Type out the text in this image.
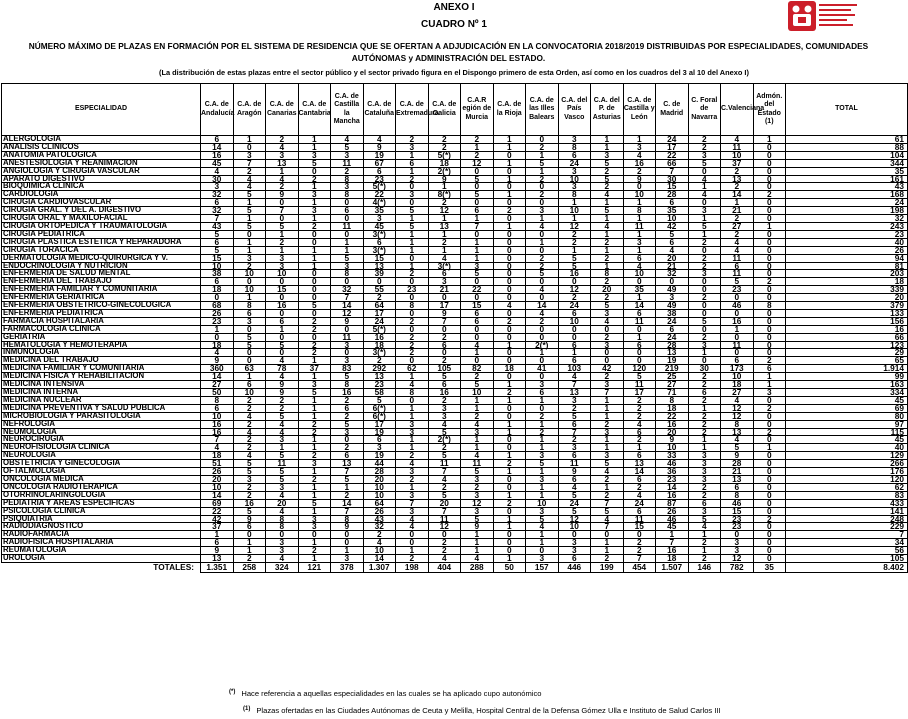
ANEXO I
CUADRO Nº 1
NÚMERO MÁXIMO DE PLAZAS EN FORMACIÓN POR EL SISTEMA DE RESIDENCIA QUE SE OFERTAN A ADJUDICACIÓN EN LA CONVOCATORIA 2018/2019 DISTRIBUIDAS POR ESPECIALIDADES, COMUNIDADES AUTÓNOMAS y ADMINISTRACIÓN DEL ESTADO.
(La distribución de estas plazas entre el sector público y el sector privado figura en el Dispongo primero de esta Orden, así como en los cuadros del 3 al 10 del Anexo I)
ESPECIALIDAD	C.A. de Andalucía	C.A. de Aragón	C.A. de Canarias	C.A. de Cantabria	C.A. de Castilla la Mancha	C.A. de Cataluña	C.A. de Extremadura	C.A. de Galicia	C.A.R egión de Murcia	C.A. de la Rioja	C.A. de las Illes Balears	C.A. del País Vasco	C.A. del P. de Asturias	C.A. de Castilla y León	C. de Madrid	C. Foral de Navarra	C.Valenciana	Admón. del Estado (1)	TOTAL
ALERGOLOGIA	6	1	2	1	4	4	2	2	2	1	0	3	1	1	24	2	4	1	61
ANALISIS CLINICOS	14	0	4	1	5	9	3	2	1	1	2	8	1	3	17	2	11	0	88
ANATOMIA PATOLOGICA	16	3	3	3	3	19	1	5(*)	2	0	1	6	3	4	22	3	10	0	104
ANESTESIOLOGIA Y REANIMACION	45	7	13	5	11	67	6	18	12	1	5	24	5	16	66	5	37	0	344
ANGIOLOGIA Y CIRUGIA VASCULAR	4	2	1	0	2	6	1	2(*)	0	0	1	3	2	2	7	0	2	0	35
APARATO DIGESTIVO	30	4	4	2	8	23	2	9	5	1	2	10	5	9	30	4	13	0	161
BIOQUIMICA CLINICA	3	4	2	1	3	5(*)	0	1	0	0	0	3	2	0	15	1	2	0	43
CARDIOLOGIA	32	5	9	3	8	22	3	8(*)	5	1	2	8	4	10	28	4	14	2	168
CIRUGIA CARDIOVASCULAR	6	1	0	1	0	4(*)	0	2	0	0	0	1	1	1	6	0	1	0	24
CIRUGIA GRAL. Y DEL A. DIGESTIVO	32	5	7	3	6	35	5	12	6	2	3	10	5	8	35	3	21	0	198
CIRUGIA ORAL Y MAXILOFACIAL	7	1	0	1	0	3	1	1	1	0	1	1	1	1	10	1	2	0	32
CIRUGIA ORTOPEDICA Y TRAUMATOLOGIA	43	5	5	2	11	45	5	13	7	1	4	12	4	11	42	5	27	1	243
CIRUGIA PEDIATRICA	5	0	1	0	0	3(*)	1	1	0	0	0	2	1	1	5	1	2	0	23
CIRUGIA PLASTICA ESTETICA Y REPARADORA	6	1	2	0	1	6	1	2	1	0	1	2	2	3	6	2	4	0	40
CIRUGIA TORACICA	5	1	1	1	1	3(*)	1	1	1	0	0	1	1	1	4	0	4	0	26
DERMATOLOGIA MEDICO-QUIRURGICA Y V.	15	3	3	1	5	15	0	4	1	0	2	5	2	6	20	2	11	0	94
ENDOCRINOLOGIA Y NUTRICION	10	2	3	1	3	13	1	3(*)	3	0	2	5	1	4	21	2	6	0	81
ENFERMERIA DE SALUD MENTAL	38	10	10	0	8	39	2	6	5	0	5	16	8	10	32	3	11	0	203
ENFERMERIA DEL TRABAJO	6	0	0	0	0	0	0	3	0	0	0	0	2	0	0	0	5	2	18
ENFERMERIA FAMILIAR Y COMUNITARIA	18	10	15	0	32	55	23	21	22	0	4	12	20	35	49	0	23	0	339
ENFERMERIA GERIATRICA	0	1	0	0	7	2	0	0	0	0	0	2	2	1	3	2	0	0	20
ENFERMERIA OBSTETRICO-GINECOLOGICA	68	8	16	5	14	64	8	17	15	4	14	24	5	14	49	0	46	8	379
ENFERMERIA PEDIATRICA	26	6	0	0	12	17	0	9	6	0	4	6	3	6	38	0	0	0	133
FARMACIA HOSPITALARIA	23	3	6	2	9	24	2	7	6	2	2	10	4	11	24	5	16	0	156
FARMACOLOGIA CLINICA	1	0	1	2	0	5(*)	0	0	0	0	0	0	0	0	6	0	1	0	16
GERIATRIA	0	5	0	0	11	16	2	2	0	0	0	0	2	1	24	2	0	0	66
HEMATOLOGIA Y HEMOTERAPIA	18	5	5	2	3	18	2	6	4	1	2(*)	6	3	6	28	3	11	0	123
INMUNOLOGIA	4	0	0	2	0	3(*)	2	0	1	0	1	1	0	0	13	1	0	0	29
MEDICINA DEL TRABAJO	9	0	4	1	3	2	0	2	0	0	0	6	0	0	19	0	6	2	65
MEDICINA FAMILIAR Y COMUNITARIA	360	63	78	37	83	292	62	105	82	18	41	103	42	120	219	30	173	6	1.914
MEDICINA FISICA Y REHABILITACION	14	1	4	1	5	13	1	5	2	0	0	4	2	5	25	2	10	1	99
MEDICINA INTENSIVA	27	6	9	3	8	23	4	6	5	1	3	7	3	11	27	2	18	1	163
MEDICINA INTERNA	50	10	9	5	16	58	8	16	10	2	6	13	7	17	71	6	27	3	334
MEDICINA NUCLEAR	8	2	2	1	2	5	0	2	1	1	1	3	1	2	8	2	4	0	45
MEDICINA PREVENTIVA Y SALUD PUBLICA	6	2	2	1	6	6(*)	1	3	1	0	0	2	1	2	18	1	12	2	69
MICROBIOLOGIA Y PARASITOLOGIA	10	4	5	1	2	6(*)	1	3	2	0	2	5	1	2	22	2	12	0	80
NEFROLOGIA	16	2	4	2	5	17	3	4	4	1	1	6	2	4	16	2	8	0	97
NEUMOLOGIA	16	4	4	2	3	19	3	5	3	1	2	7	3	6	20	2	13	2	115
NEUROCIRUGIA	7	2	3	1	0	6	1	2(*)	1	0	1	2	1	2	9	1	4	0	45
NEUROFISIOLOGIA CLINICA	4	2	1	1	2	3	1	2	1	0	1	3	1	1	10	1	5	1	40
NEUROLOGIA	18	4	5	2	6	19	2	5	4	1	3	6	3	6	33	3	9	0	129
OBSTETRICIA Y GINECOLOGIA	51	5	11	3	13	44	4	11	11	2	5	11	5	13	46	3	28	0	266
OFTALMOLOGIA	26	5	5	1	7	28	3	7	5	1	1	9	4	14	36	3	21	0	176
ONCOLOGIA MEDICA	20	3	5	2	5	20	2	4	3	0	3	6	2	6	23	3	13	0	120
ONCOLOGIA RADIOTERAPICA	10	2	3	1	1	10	1	2	2	0	1	4	1	2	14	2	6	0	62
OTORRINOLARINGOLOGIA	14	2	4	1	2	10	3	5	3	1	1	5	2	4	16	2	8	0	83
PEDIATRIA Y AREAS ESPECIFICAS	69	16	20	5	14	64	7	20	12	2	10	24	7	24	87	6	46	0	433
PSICOLOGIA CLINICA	22	5	4	1	7	26	3	7	3	0	3	5	5	6	26	3	15	0	141
PSIQUIATRIA	42	9	8	3	8	43	4	11	5	1	5	12	4	11	46	5	23	2	248
RADIODIAGNOSTICO	37	6	8	3	9	32	4	12	9	1	4	10	7	15	45	4	23	0	229
RADIOFARMACIA	1	0	0	0	0	2	0	0	1	0	1	0	0	0	1	1	0	0	7
RADIOFISICA HOSPITALARIA	6	1	3	1	0	4	0	2	1	0	1	3	1	2	7	2	3	0	34
REUMATOLOGIA	9	1	3	2	1	10	1	2	1	0	0	3	1	2	16	1	3	0	56
UROLOGIA	13	2	4	1	3	14	2	4	4	1	3	6	2	7	18	2	12	0	105
TOTALES:	1.351	258	324	121	378	1.307	198	404	288	50	157	446	199	454	1.507	146	782	35	8.402
(*) Hace referencia a aquellas especialidades en las cuales se ha aplicado cupo autonómico
$^{(1)}$ Plazas ofertadas en las Ciudades Autónomas de Ceuta y Melilla, Hospital Central de la Defensa Gómez Ulla e Instituto de Salud Carlos III
